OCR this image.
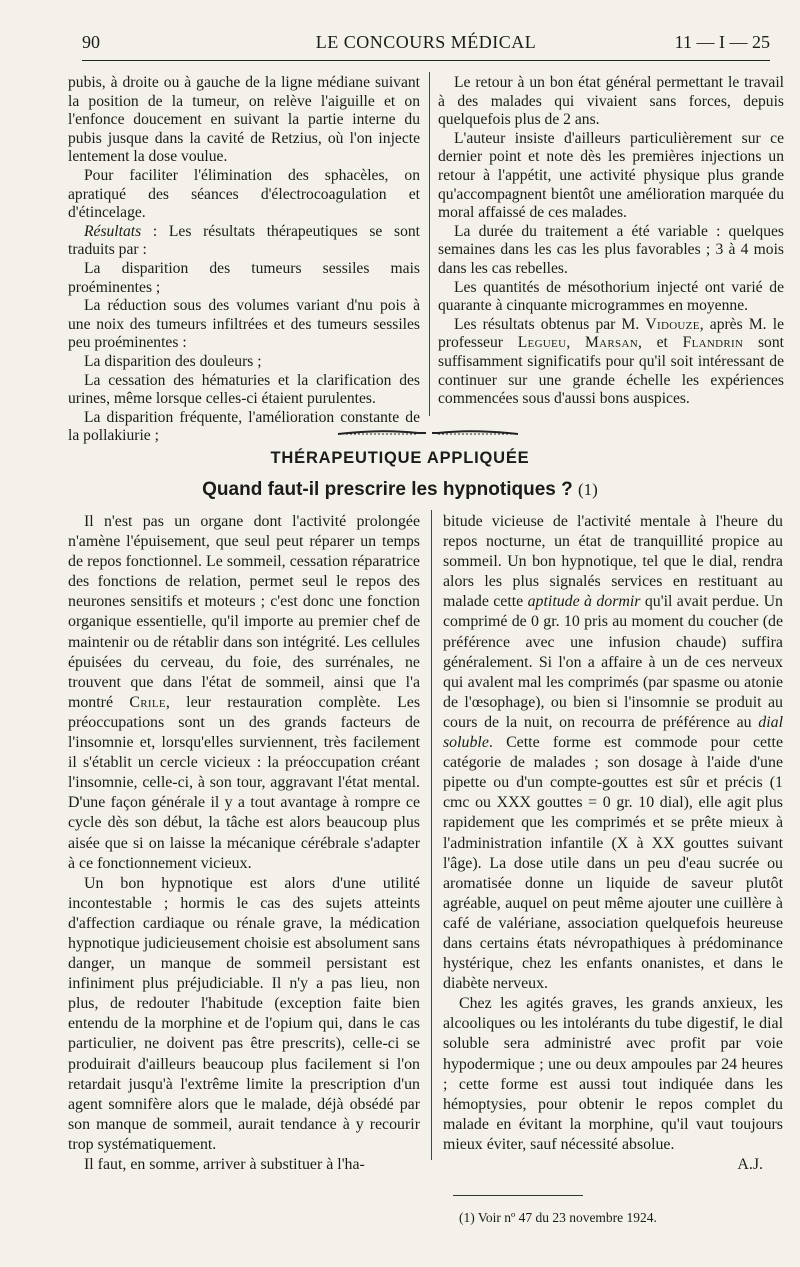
90	LE CONCOURS MÉDICAL	11 — I — 25

pubis, à droite ou à gauche de la ligne médiane suivant la position de la tumeur, on relève l'aiguille et on l'enfonce doucement en suivant la partie interne du pubis jusque dans la cavité de Retzius, où l'on injecte lentement la dose voulue.

Pour faciliter l'élimination des sphacèles, on apratiqué des séances d'électrocoagulation et d'étincelage.

Résultats : Les résultats thérapeutiques se sont traduits par :

La disparition des tumeurs sessiles mais proéminentes ;

La réduction sous des volumes variant d'nu pois à une noix des tumeurs infiltrées et des tumeurs sessiles peu proéminentes :

La disparition des douleurs ;

La cessation des hématuries et la clarification des urines, même lorsque celles-ci étaient purulentes.

La disparition fréquente, l'amélioration constante de la pollakiurie ;

Le retour à un bon état général permettant le travail à des malades qui vivaient sans forces, depuis quelquefois plus de 2 ans.

L'auteur insiste d'ailleurs particulièrement sur ce dernier point et note dès les premières injections un retour à l'appétit, une activité physique plus grande qu'accompagnent bientôt une amélioration marquée du moral affaissé de ces malades.

La durée du traitement a été variable : quelques semaines dans les cas les plus favorables ; 3 à 4 mois dans les cas rebelles.

Les quantités de mésothorium injecté ont varié de quarante à cinquante microgrammes en moyenne.

Les résultats obtenus par M. Vidouze, après M. le professeur Legueu, Marsan, et Flandrin sont suffisamment significatifs pour qu'il soit intéressant de continuer sur une grande échelle les expériences commencées sous d'aussi bons auspices.

THÉRAPEUTIQUE APPLIQUÉE
Quand faut-il prescrire les hypnotiques ? (1)

Il n'est pas un organe dont l'activité prolongée n'amène l'épuisement, que seul peut réparer un temps de repos fonctionnel. Le sommeil, cessation réparatrice des fonctions de relation, permet seul le repos des neurones sensitifs et moteurs ; c'est donc une fonction organique essentielle, qu'il importe au premier chef de maintenir ou de rétablir dans son intégrité. Les cellules épuisées du cerveau, du foie, des surrénales, ne trouvent que dans l'état de sommeil, ainsi que l'a montré Crile, leur restauration complète. Les préoccupations sont un des grands facteurs de l'insomnie et, lorsqu'elles surviennent, très facilement il s'établit un cercle vicieux : la préoccupation créant l'insomnie, celle-ci, à son tour, aggravant l'état mental. D'une façon générale il y a tout avantage à rompre ce cycle dès son début, la tâche est alors beaucoup plus aisée que si on laisse la mécanique cérébrale s'adapter à ce fonctionnement vicieux.

Un bon hypnotique est alors d'une utilité incontestable ; hormis le cas des sujets atteints d'affection cardiaque ou rénale grave, la médication hypnotique judicieusement choisie est absolument sans danger, un manque de sommeil persistant est infiniment plus préjudiciable. Il n'y a pas lieu, non plus, de redouter l'habitude (exception faite bien entendu de la morphine et de l'opium qui, dans le cas particulier, ne doivent pas être prescrits), celle-ci se produirait d'ailleurs beaucoup plus facilement si l'on retardait jusqu'à l'extrême limite la prescription d'un agent somnifère alors que le malade, déjà obsédé par son manque de sommeil, aurait tendance à y recourir trop systématiquement.

Il faut, en somme, arriver à substituer à l'ha-

bitude vicieuse de l'activité mentale à l'heure du repos nocturne, un état de tranquillité propice au sommeil. Un bon hypnotique, tel que le dial, rendra alors les plus signalés services en restituant au malade cette aptitude à dormir qu'il avait perdue. Un comprimé de 0 gr. 10 pris au moment du coucher (de préférence avec une infusion chaude) suffira généralement. Si l'on a affaire à un de ces nerveux qui avalent mal les comprimés (par spasme ou atonie de l'œsophage), ou bien si l'insomnie se produit au cours de la nuit, on recourra de préférence au dial soluble. Cette forme est commode pour cette catégorie de malades ; son dosage à l'aide d'une pipette ou d'un compte-gouttes est sûr et précis (1 cmc ou XXX gouttes = 0 gr. 10 dial), elle agit plus rapidement que les comprimés et se prête mieux à l'administration infantile (X à XX gouttes suivant l'âge). La dose utile dans un peu d'eau sucrée ou aromatisée donne un liquide de saveur plutôt agréable, auquel on peut même ajouter une cuillère à café de valériane, association quelquefois heureuse dans certains états névropathiques à prédominance hystérique, chez les enfants onanistes, et dans le diabète nerveux.

Chez les agités graves, les grands anxieux, les alcooliques ou les intolérants du tube digestif, le dial soluble sera administré avec profit par voie hypodermique ; une ou deux ampoules par 24 heures ; cette forme est aussi tout indiquée dans les hémoptysies, pour obtenir le repos complet du malade en évitant la morphine, qu'il vaut toujours mieux éviter, sauf nécessité absolue.

A.J.

(1) Voir nº 47 du 23 novembre 1924.
